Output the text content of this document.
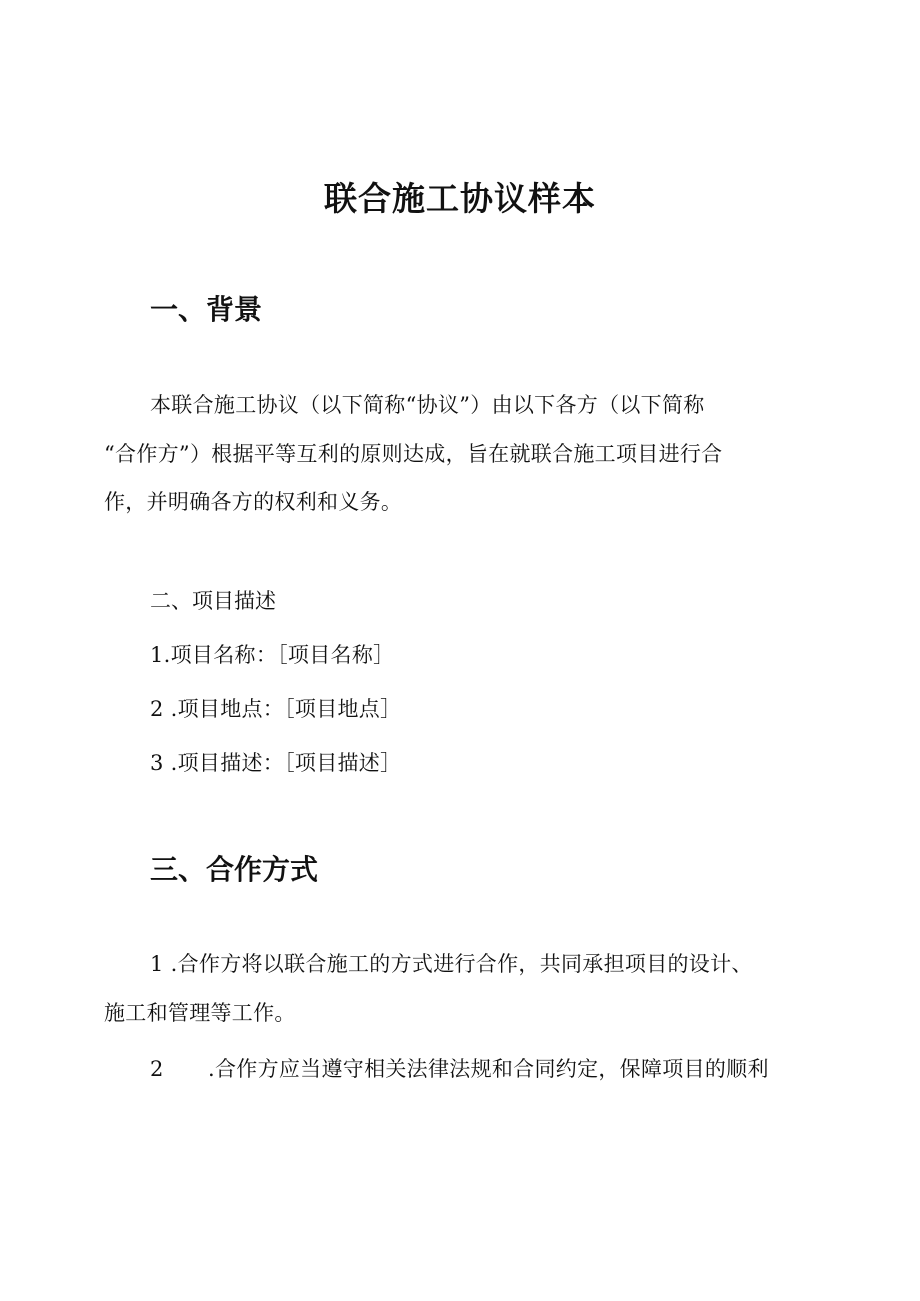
联合施工协议样本
一、背景
本联合施工协议（以下简称“协议”）由以下各方（以下简称
“合作方”）根据平等互利的原则达成，旨在就联合施工项目进行合
作，并明确各方的权利和义务。
二、项目描述
1.项目名称：［项目名称］
2 .项目地点：［项目地点］
3 .项目描述：［项目描述］
三、合作方式
1 .合作方将以联合施工的方式进行合作，共同承担项目的设计、
施工和管理等工作。
2 .合作方应当遵守相关法律法规和合同约定，保障项目的顺利
